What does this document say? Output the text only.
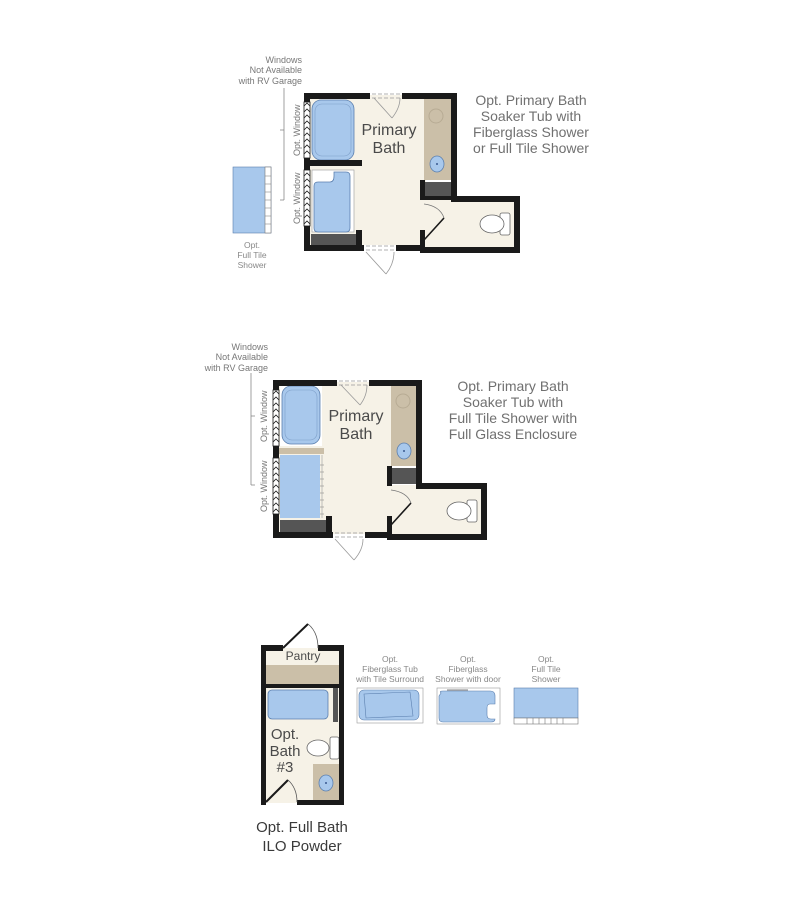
Windows
Not Available
with RV Garage
Opt. Window
Opt. Window
Primary
Bath
Opt. Primary Bath
Soaker Tub with
Fiberglass Shower
or Full Tile Shower
Opt.
Full Tile
Shower
Windows
Not Available
with RV Garage
Opt. Window
Opt. Window
Primary
Bath
Opt. Primary Bath
Soaker Tub with
Full Tile Shower with
Full Glass Enclosure
Pantry
Opt.
Bath
#3
Opt.
Fiberglass Tub
with Tile Surround
Opt.
Fiberglass
Shower with door
Opt.
Full Tile
Shower
Opt. Full Bath
ILO Powder
